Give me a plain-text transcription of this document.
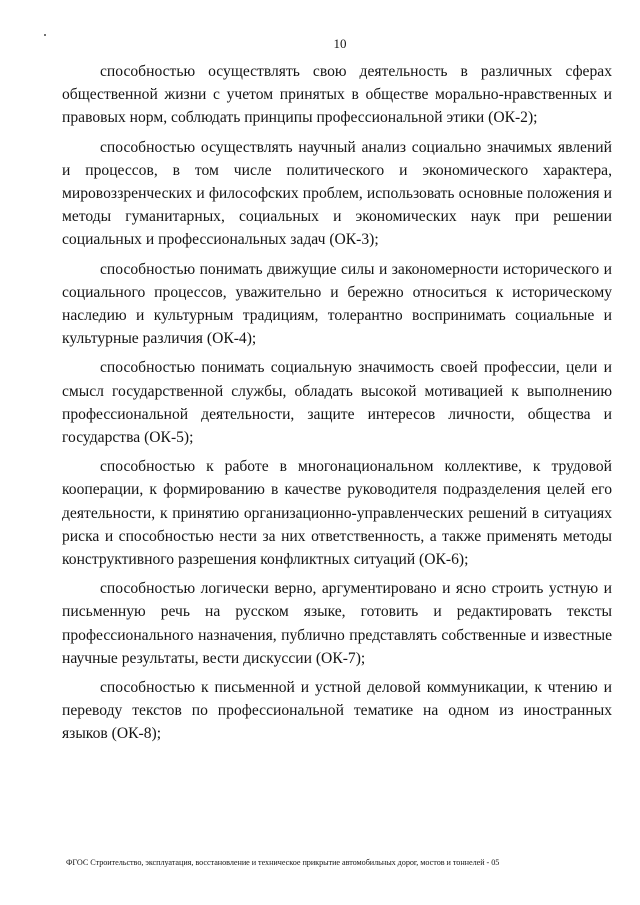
10

способностью осуществлять свою деятельность в различных сферах общественной жизни с учетом принятых в обществе морально-нравственных и правовых норм, соблюдать принципы профессиональной этики (ОК-2);

способностью осуществлять научный анализ социально значимых явлений и процессов, в том числе политического и экономического характера, мировоззренческих и философских проблем, использовать основные положения и методы гуманитарных, социальных и экономических наук при решении социальных и профессиональных задач (ОК-3);

способностью понимать движущие силы и закономерности исторического и социального процессов, уважительно и бережно относиться к историческому наследию и культурным традициям, толерантно воспринимать социальные и культурные различия (ОК-4);

способностью понимать социальную значимость своей профессии, цели и смысл государственной службы, обладать высокой мотивацией к выполнению профессиональной деятельности, защите интересов личности, общества и государства (ОК-5);

способностью к работе в многонациональном коллективе, к трудовой кооперации, к формированию в качестве руководителя подразделения целей его деятельности, к принятию организационно-управленческих решений в ситуациях риска и способностью нести за них ответственность, а также применять методы конструктивного разрешения конфликтных ситуаций (ОК-6);

способностью логически верно, аргументировано и ясно строить устную и письменную речь на русском языке, готовить и редактировать тексты профессионального назначения, публично представлять собственные и известные научные результаты, вести дискуссии (ОК-7);

способностью к письменной и устной деловой коммуникации, к чтению и переводу текстов по профессиональной тематике на одном из иностранных языков (ОК-8);

ФГОС Строительство, эксплуатация, восстановление и техническое прикрытие автомобильных дорог, мостов и тоннелей - 05
